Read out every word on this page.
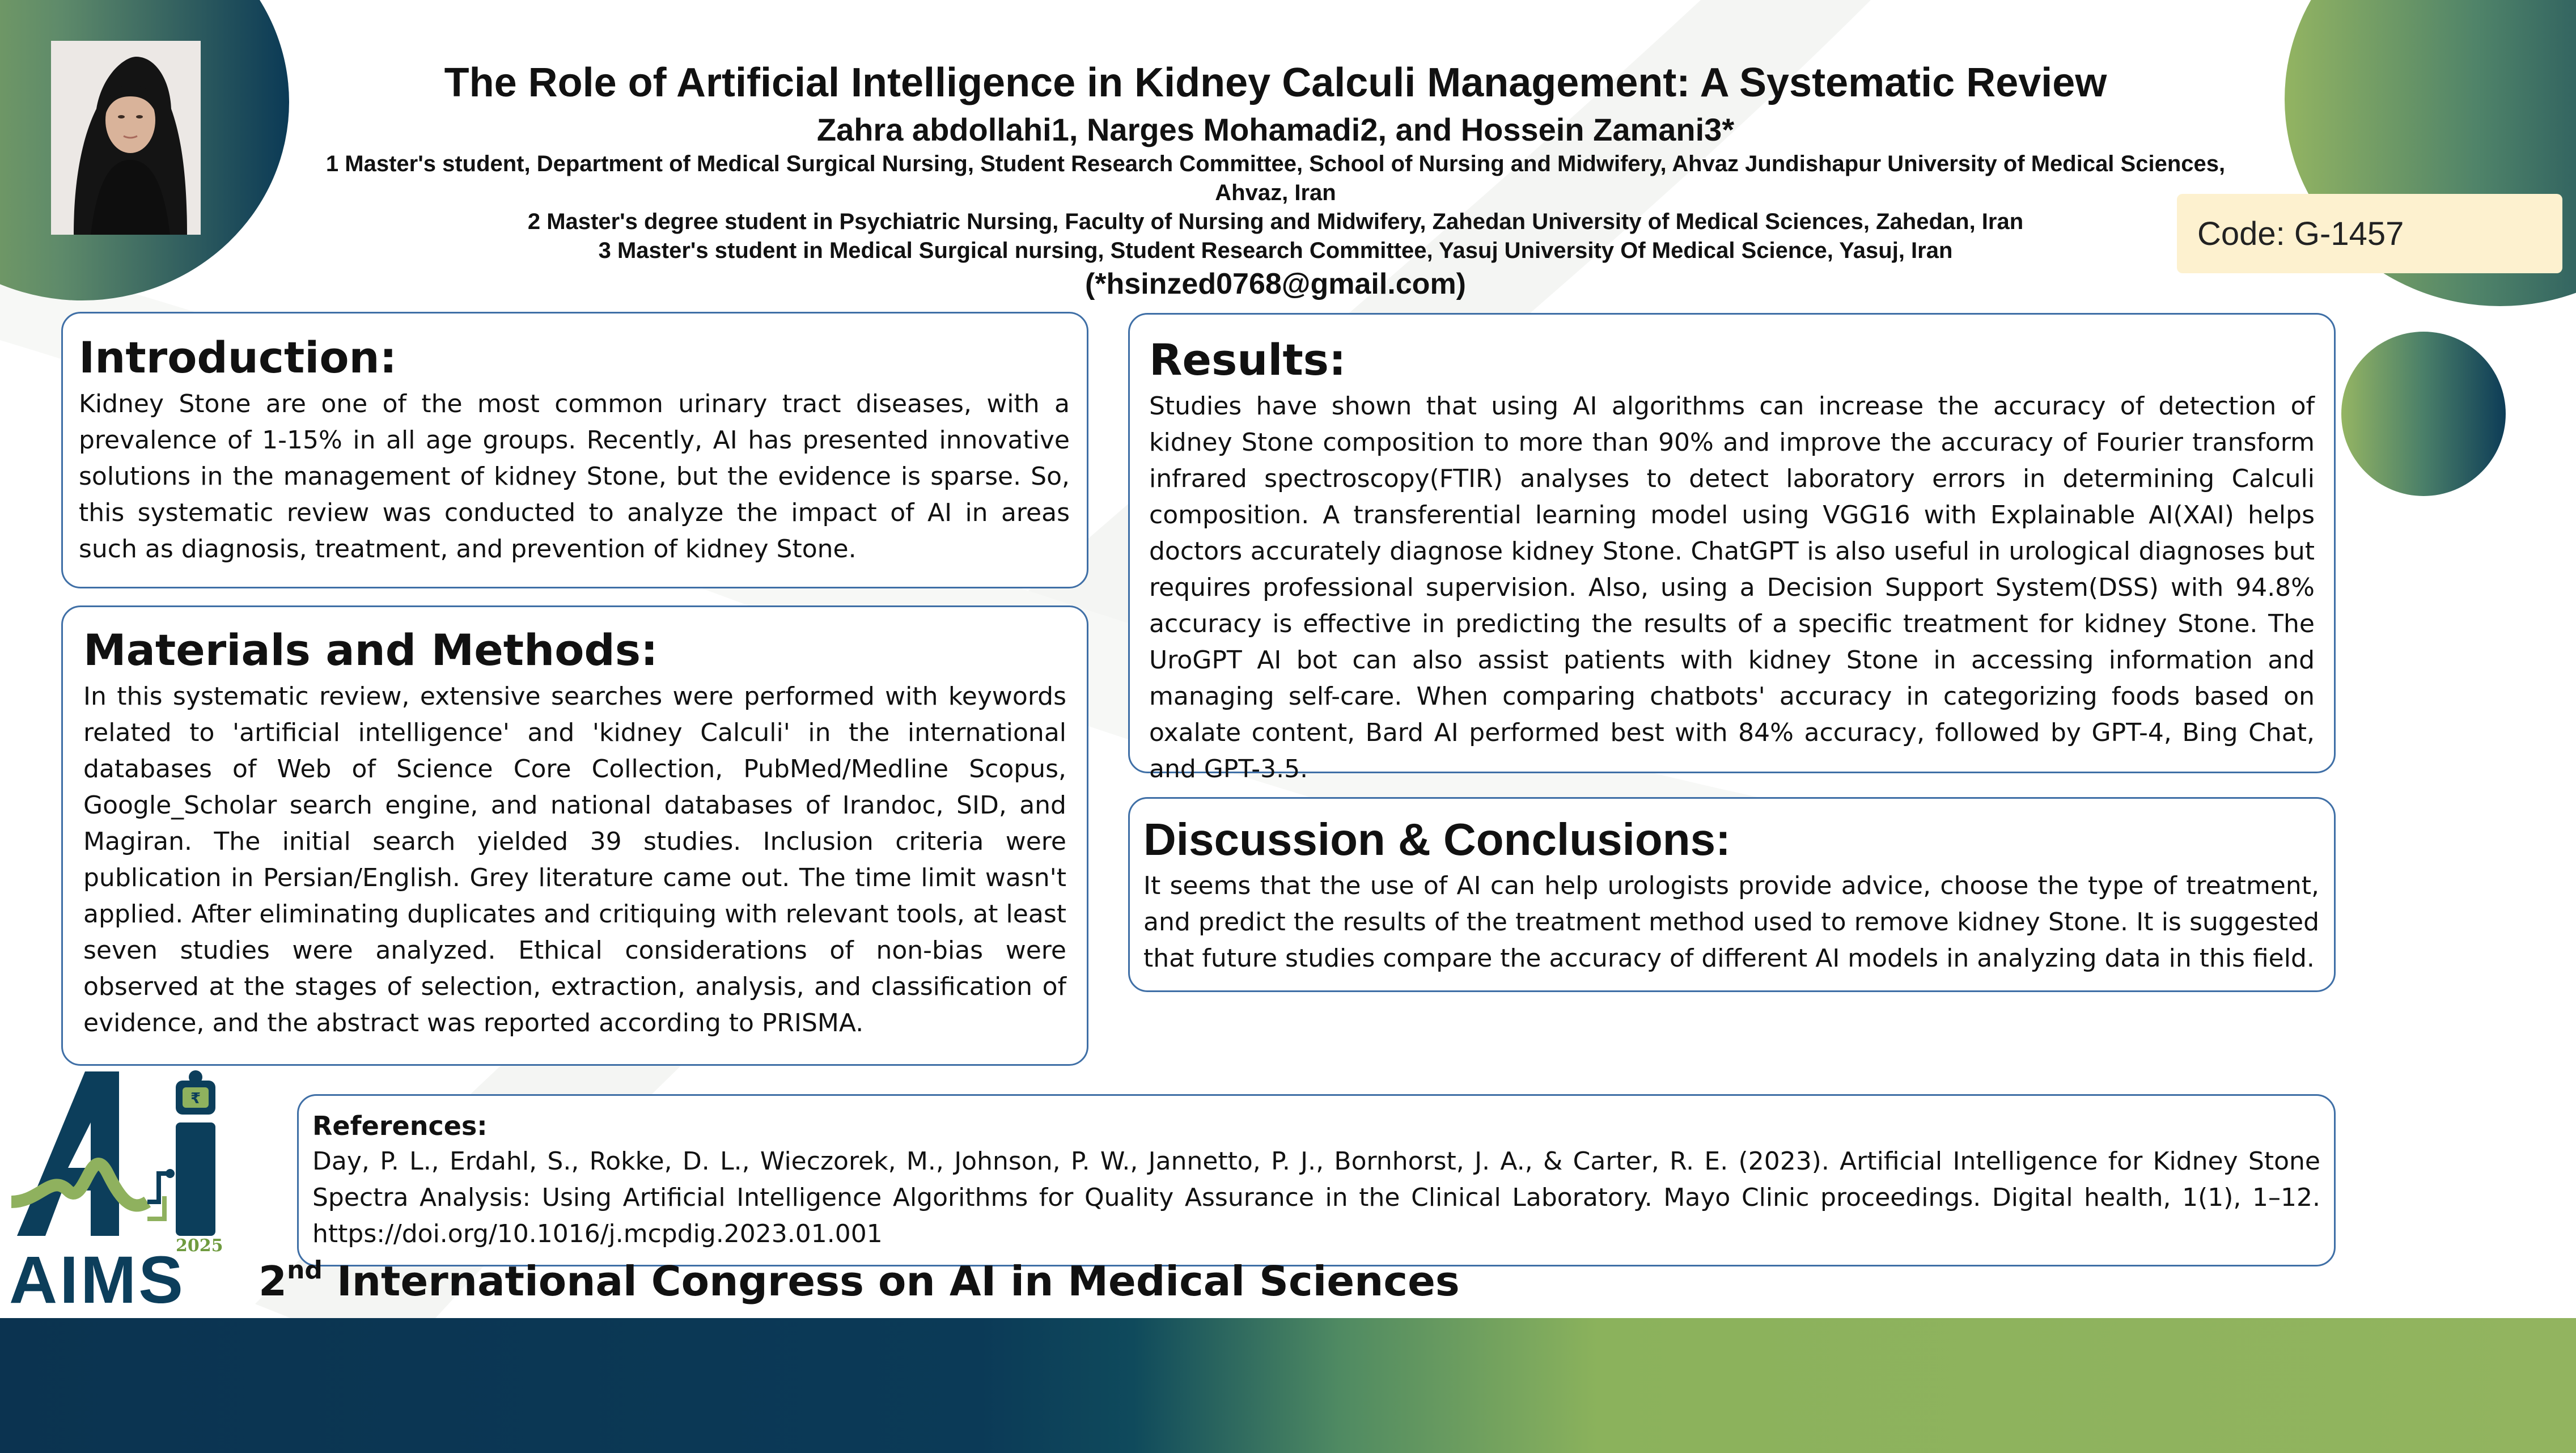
The Role of Artificial Intelligence in Kidney Calculi Management: A Systematic Review

Zahra abdollahi1, Narges Mohamadi2, and Hossein Zamani3*

1 Master's student, Department of Medical Surgical Nursing, Student Research Committee, School of Nursing and Midwifery, Ahvaz Jundishapur University of Medical Sciences, Ahvaz, Iran

2 Master's degree student in Psychiatric Nursing, Faculty of Nursing and Midwifery, Zahedan University of Medical Sciences, Zahedan, Iran

3 Master's student in Medical Surgical nursing, Student Research Committee, Yasuj University Of Medical Science, Yasuj, Iran

(*hsinzed0768@gmail.com)

Code: G-1457
Introduction:

Kidney Stone are one of the most common urinary tract diseases, with a prevalence of 1-15% in all age groups. Recently, AI has presented innovative solutions in the management of kidney Stone, but the evidence is sparse. So, this systematic review was conducted to analyze the impact of AI in areas such as diagnosis, treatment, and prevention of kidney Stone.

Materials and Methods:

In this systematic review, extensive searches were performed with keywords related to 'artificial intelligence' and 'kidney Calculi' in the international databases of Web of Science Core Collection, PubMed/Medline Scopus, Google_Scholar search engine, and national databases of Irandoc, SID, and Magiran. The initial search yielded 39 studies. Inclusion criteria were publication in Persian/English. Grey literature came out. The time limit wasn't applied. After eliminating duplicates and critiquing with relevant tools, at least seven studies were analyzed. Ethical considerations of non-bias were observed at the stages of selection, extraction, analysis, and classification of evidence, and the abstract was reported according to PRISMA.

Results:

Studies have shown that using AI algorithms can increase the accuracy of detection of kidney Stone composition to more than 90% and improve the accuracy of Fourier transform infrared spectroscopy(FTIR) analyses to detect laboratory errors in determining Calculi composition. A transferential learning model using VGG16 with Explainable AI(XAI) helps doctors accurately diagnose kidney Stone. ChatGPT is also useful in urological diagnoses but requires professional supervision. Also, using a Decision Support System(DSS) with 94.8% accuracy is effective in predicting the results of a specific treatment for kidney Stone. The UroGPT AI bot can also assist patients with kidney Stone in accessing information and managing self-care. When comparing chatbots' accuracy in categorizing foods based on oxalate content, Bard AI performed best with 84% accuracy, followed by GPT-4, Bing Chat, and GPT-3.5.

Discussion & Conclusions:

It seems that the use of AI can help urologists provide advice, choose the type of treatment, and predict the results of the treatment method used to remove kidney Stone. It is suggested that future studies compare the accuracy of different AI models in analyzing data in this field.

References:

Day, P. L., Erdahl, S., Rokke, D. L., Wieczorek, M., Johnson, P. W., Jannetto, P. J., Bornhorst, J. A., & Carter, R. E. (2023). Artificial Intelligence for Kidney Stone Spectra Analysis: Using Artificial Intelligence Algorithms for Quality Assurance in the Clinical Laboratory. Mayo Clinic proceedings. Digital health, 1(1), 1–12. https://doi.org/10.1016/j.mcpdig.2023.01.001

₹
AIMS
2025
2nd International Congress on AI in Medical Sciences
